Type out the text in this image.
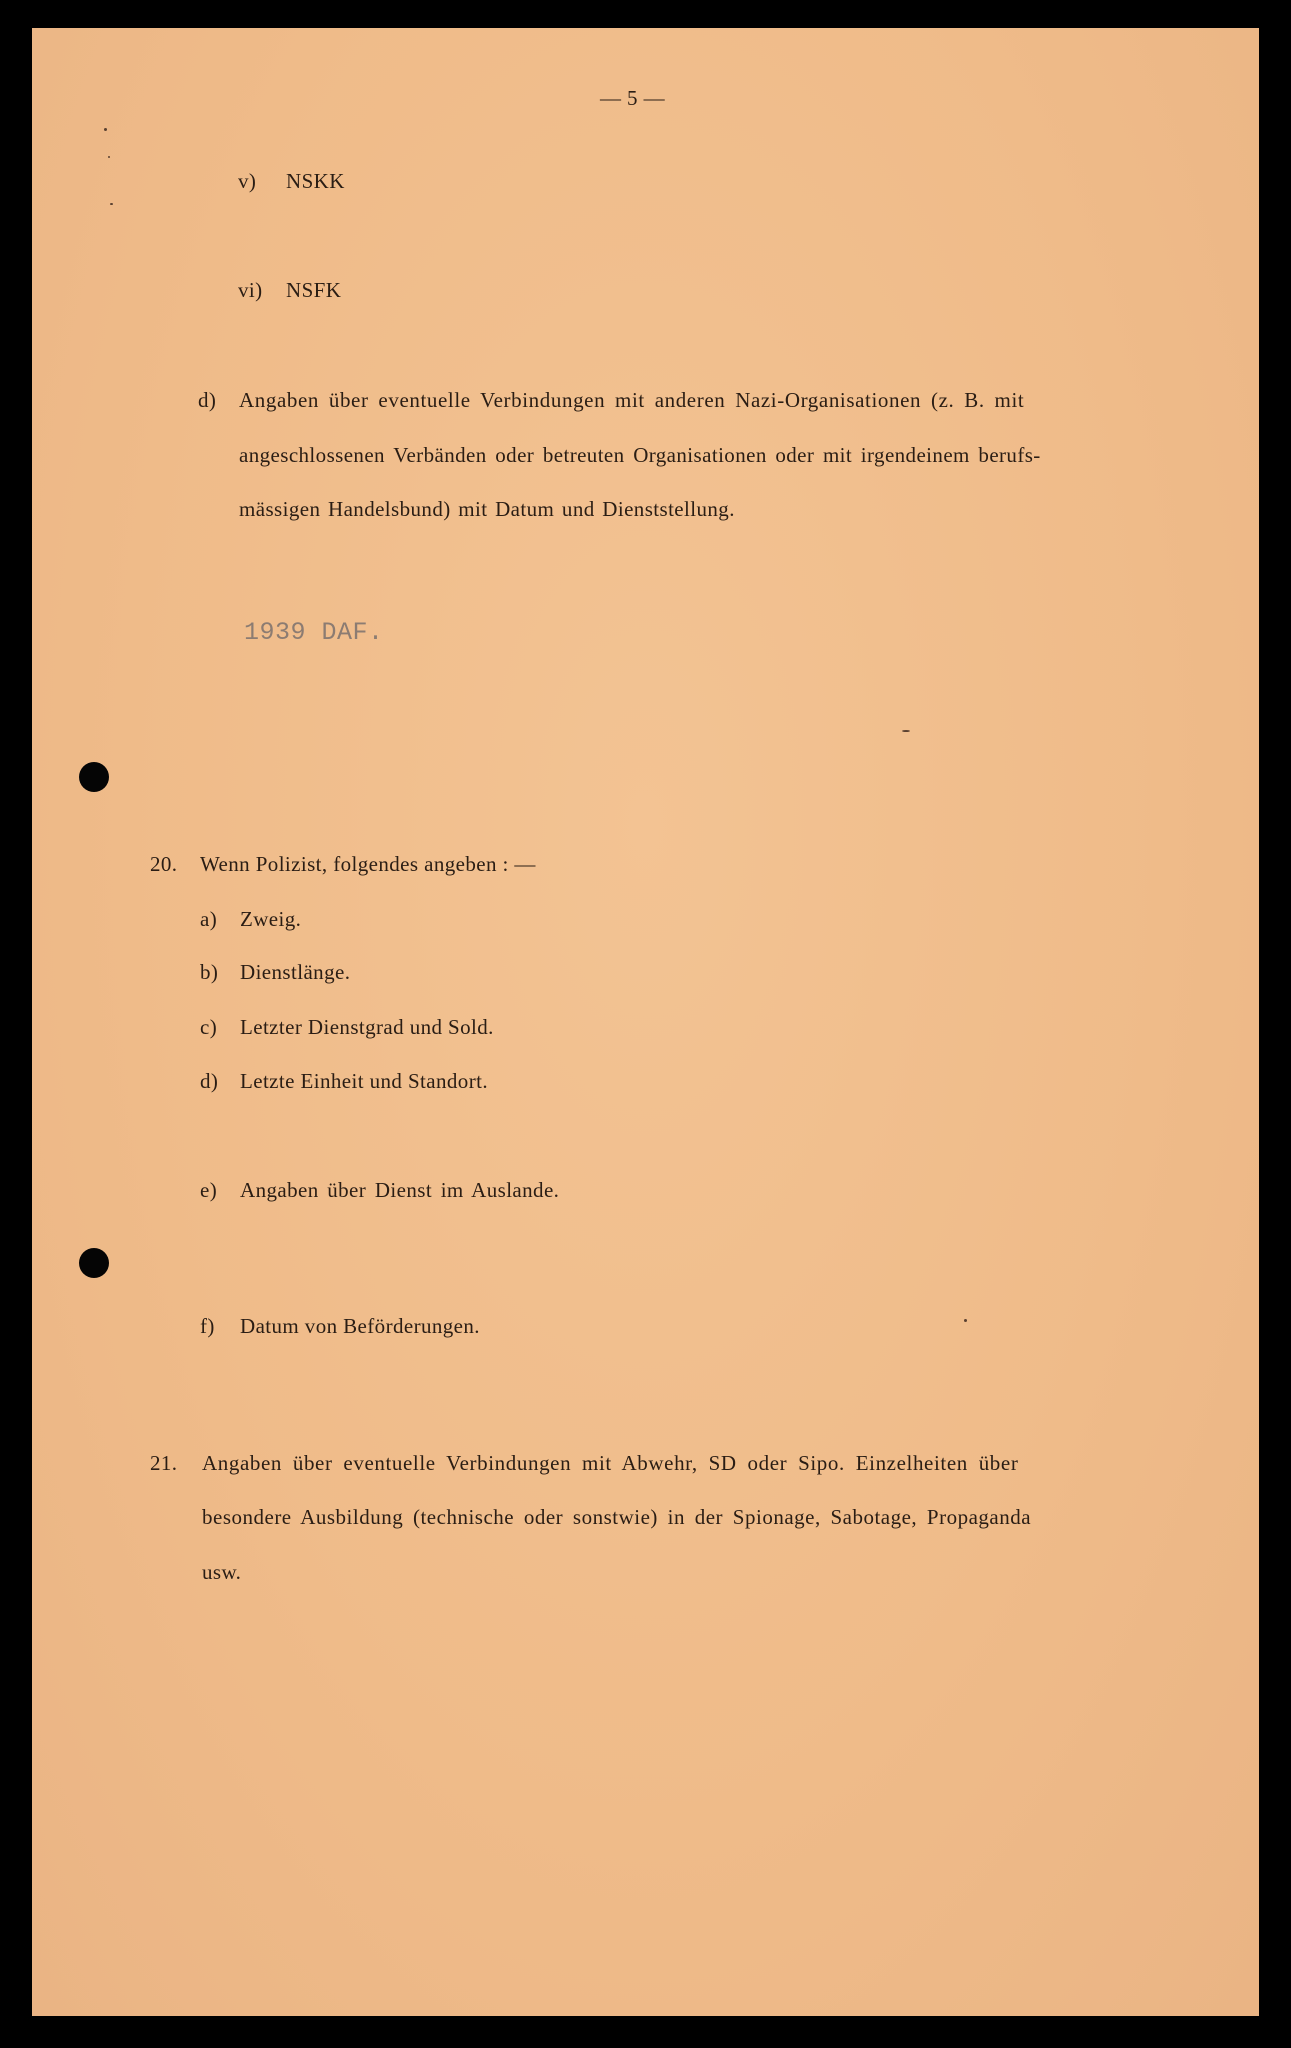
— 5 —
v) NSKK
vi) NSFK
d) Angaben über eventuelle Verbindungen mit anderen Nazi-Organisationen (z. B. mit
angeschlossenen Verbänden oder betreuten Organisationen oder mit irgendeinem berufs-
mässigen Handelsbund) mit Datum und Dienststellung.
1939 DAF.
20. Wenn Polizist, folgendes angeben : —
a) Zweig.
b) Dienstlänge.
c) Letzter Dienstgrad und Sold.
d) Letzte Einheit und Standort.
e) Angaben über Dienst im Auslande.
f) Datum von Beförderungen.
21. Angaben über eventuelle Verbindungen mit Abwehr, SD oder Sipo. Einzelheiten über
besondere Ausbildung (technische oder sonstwie) in der Spionage, Sabotage, Propaganda
usw.
